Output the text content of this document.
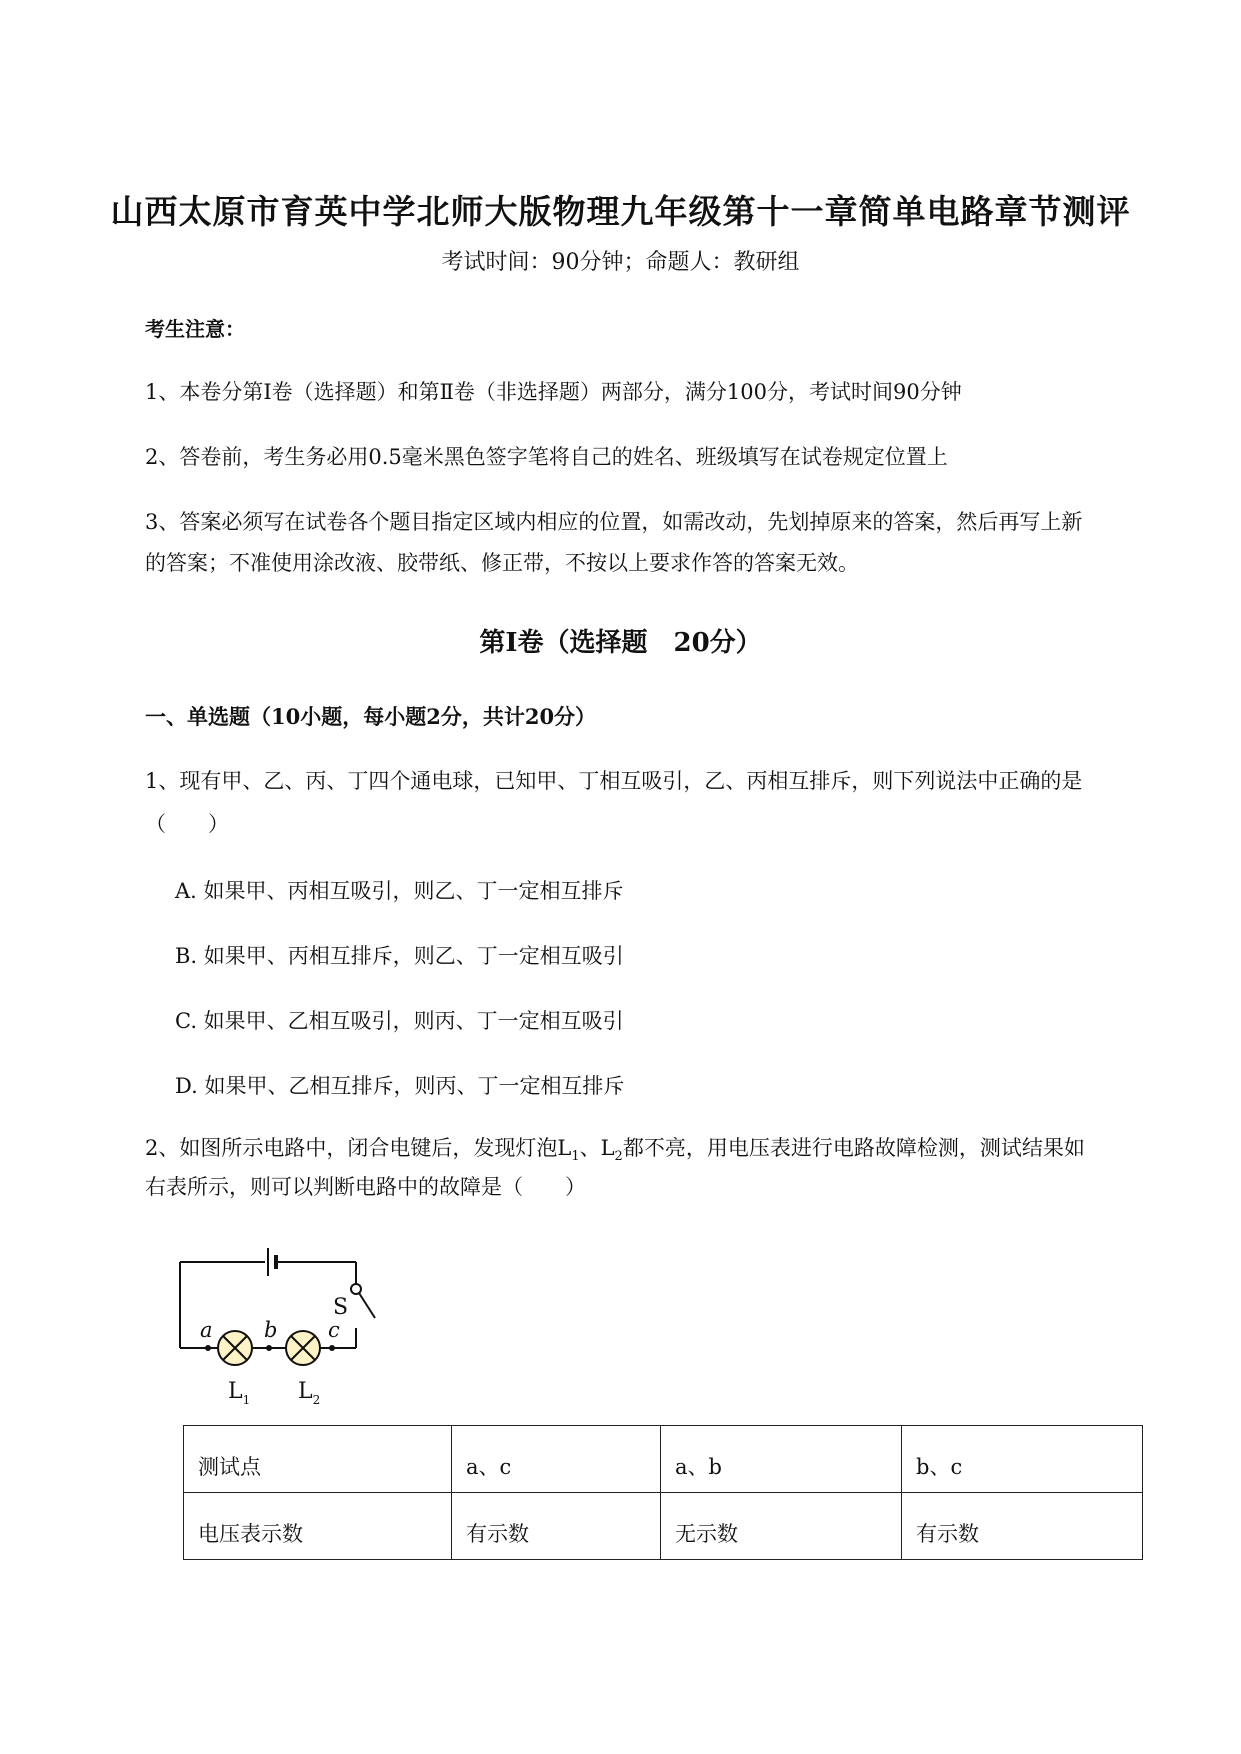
山西太原市育英中学北师大版物理九年级第十一章简单电路章节测评
考试时间：90分钟；命题人：教研组
考生注意：
1、本卷分第Ⅰ卷（选择题）和第Ⅱ卷（非选择题）两部分，满分100分，考试时间90分钟
2、答卷前，考生务必用0.5毫米黑色签字笔将自己的姓名、班级填写在试卷规定位置上
3、答案必须写在试卷各个题目指定区域内相应的位置，如需改动，先划掉原来的答案，然后再写上新
的答案；不准使用涂改液、胶带纸、修正带，不按以上要求作答的答案无效。
第Ⅰ卷（选择题　20分）
一、单选题（10小题，每小题2分，共计20分）
1、现有甲、乙、丙、丁四个通电球，已知甲、丁相互吸引，乙、丙相互排斥，则下列说法中正确的是
（　　）
A. 如果甲、丙相互吸引，则乙、丁一定相互排斥
B. 如果甲、丙相互排斥，则乙、丁一定相互吸引
C. 如果甲、乙相互吸引，则丙、丁一定相互吸引
D. 如果甲、乙相互排斥，则丙、丁一定相互排斥
2、如图所示电路中，闭合电键后，发现灯泡$L_1$、$L_2$都不亮，用电压表进行电路故障检测，测试结果如
右表所示，则可以判断电路中的故障是（　　）
S
a b c
$L_1$ $L_2$
测试点	a、c	a、b	b、c
电压表示数	有示数	无示数	有示数
